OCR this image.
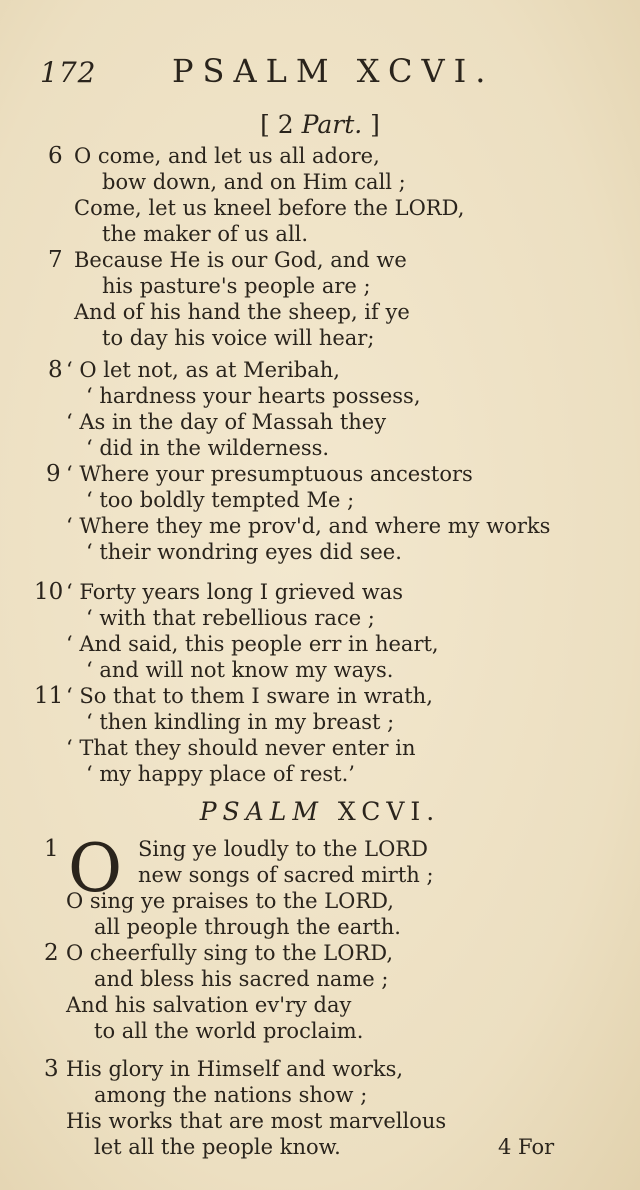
172 PSALM XCVI.
[ 2 Part. ]
6 O come, and let us all adore,
bow down, and on Him call ;
Come, let us kneel before the LORD,
the maker of us all.
7 Because He is our God, and we
his pasture's people are ;
And of his hand the sheep, if ye
to day his voice will hear;
8 ‘ O let not, as at Meribah,
‘ hardness your hearts possess,
‘ As in the day of Massah they
‘ did in the wilderness.
9 ‘ Where your presumptuous ancestors
‘ too boldly tempted Me ;
‘ Where they me prov'd, and where my works
‘ their wondring eyes did see.
10 ‘ Forty years long I grieved was
‘ with that rebellious race ;
‘ And said, this people err in heart,
‘ and will not know my ways.
11 ‘ So that to them I sware in wrath,
‘ then kindling in my breast ;
‘ That they should never enter in
‘ my happy place of rest.’
PSALM XCVI.
1 O Sing ye loudly to the LORD
new songs of sacred mirth ;
O sing ye praises to the LORD,
all people through the earth.
2 O cheerfully sing to the LORD,
and bless his sacred name ;
And his salvation ev'ry day
to all the world proclaim.
3 His glory in Himself and works,
among the nations show ;
His works that are most marvellous
let all the people know.	4 For
